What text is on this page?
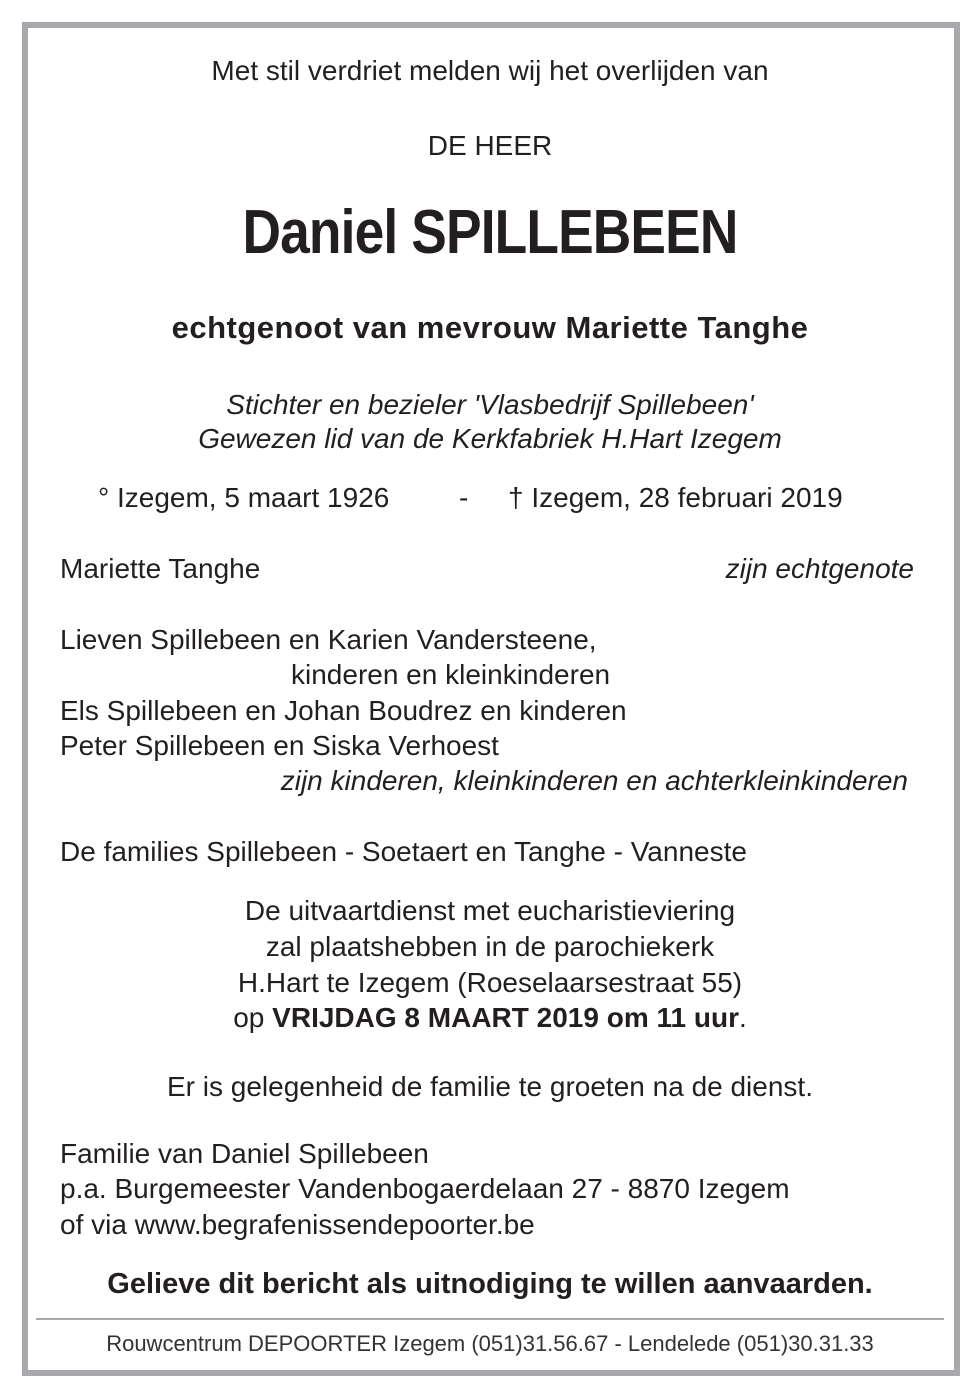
Met stil verdriet melden wij het overlijden van
DE HEER
Daniel SPILLEBEEN
echtgenoot van mevrouw Mariette Tanghe
Stichter en bezieler 'Vlasbedrijf Spillebeen'
Gewezen lid van de Kerkfabriek H.Hart Izegem
° Izegem, 5 maart 1926 - † Izegem, 28 februari 2019
Mariette Tanghe	zijn echtgenote
Lieven Spillebeen en Karien Vandersteene,
kinderen en kleinkinderen
Els Spillebeen en Johan Boudrez en kinderen
Peter Spillebeen en Siska Verhoest
zijn kinderen, kleinkinderen en achterkleinkinderen
De families Spillebeen - Soetaert en Tanghe - Vanneste
De uitvaartdienst met eucharistieviering
zal plaatshebben in de parochiekerk
H.Hart te Izegem (Roeselaarsestraat 55)
op VRIJDAG 8 MAART 2019 om 11 uur.
Er is gelegenheid de familie te groeten na de dienst.
Familie van Daniel Spillebeen
p.a. Burgemeester Vandenbogaerdelaan 27 - 8870 Izegem
of via www.begrafenissendepoorter.be
Gelieve dit bericht als uitnodiging te willen aanvaarden.
Rouwcentrum DEPOORTER Izegem (051)31.56.67 - Lendelede (051)30.31.33
